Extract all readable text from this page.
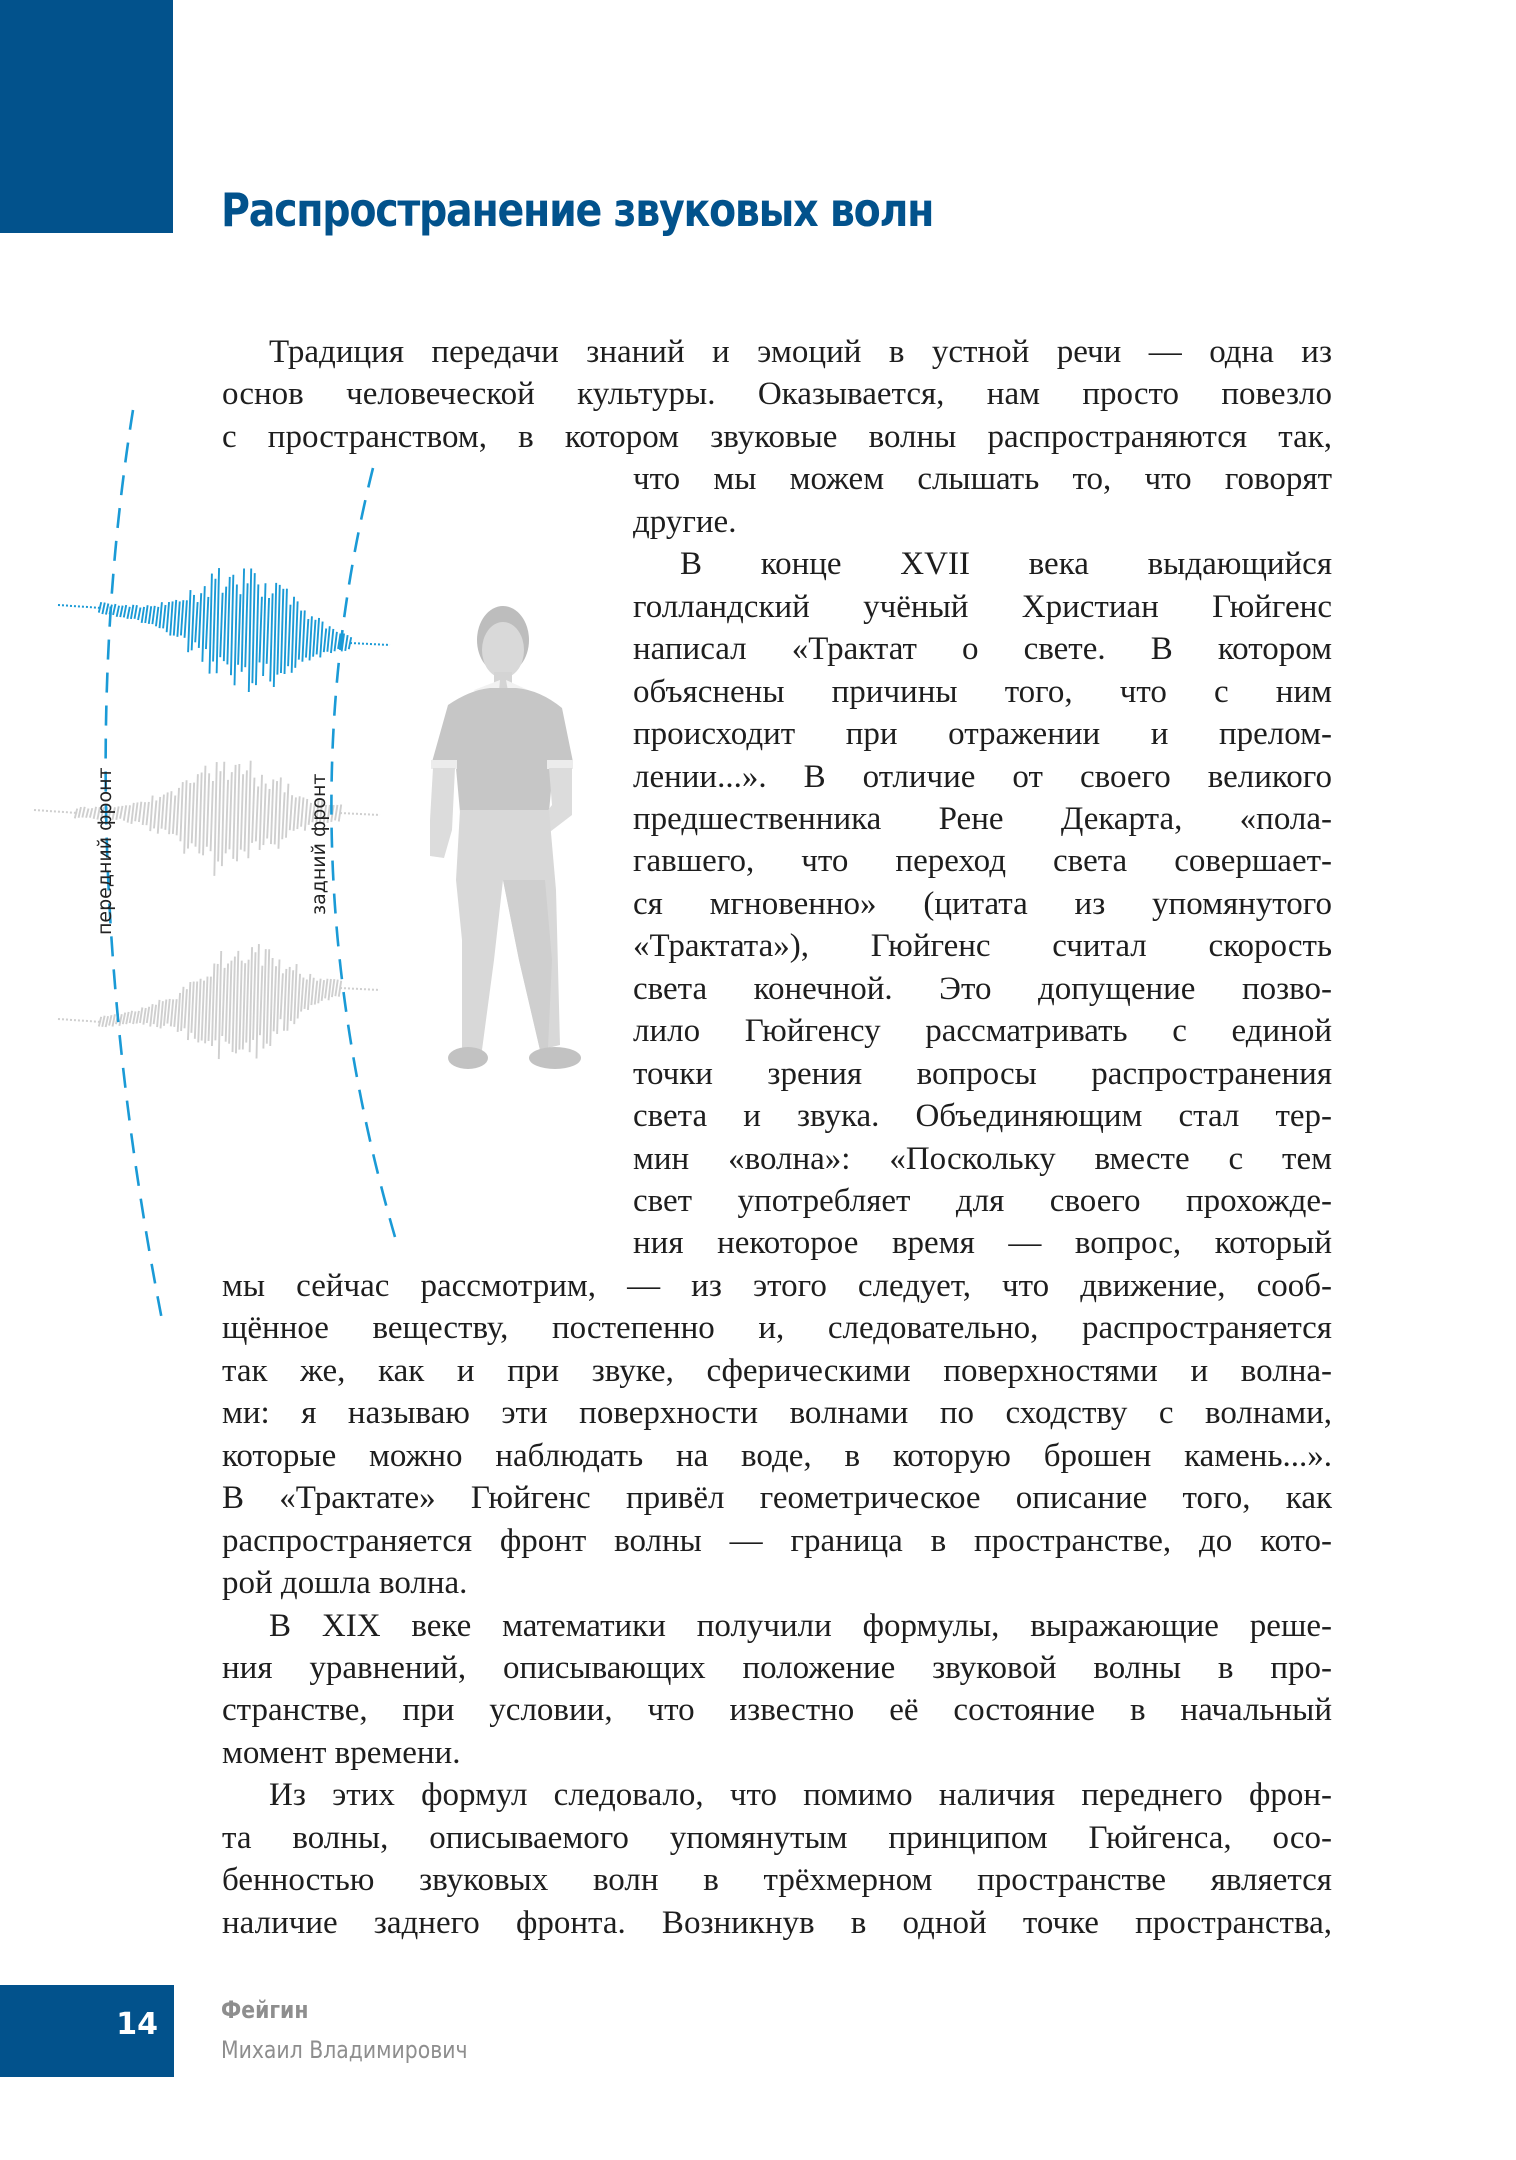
Распространение звуковых волн
Традиция передачи знаний и эмоций в устной речи — одна из
основ человеческой культуры. Оказывается, нам просто повезло
с пространством, в котором звуковые волны распространяются так,
что мы можем слышать то, что говорят
другие.
В конце XVII века выдающийся
голландский учёный Христиан Гюйгенс
написал «Трактат о свете. В котором
объяснены причины того, что с ним
происходит при отражении и прелом-
лении...». В отличие от своего великого
предшественника Рене Декарта, «пола-
гавшего, что переход света совершает-
ся мгновенно» (цитата из упомянутого
«Трактата»), Гюйгенс считал скорость
света конечной. Это допущение позво-
лило Гюйгенсу рассматривать с единой
точки зрения вопросы распространения
света и звука. Объединяющим стал тер-
мин «волна»: «Поскольку вместе с тем
свет употребляет для своего прохожде-
ния некоторое время — вопрос, который
мы сейчас рассмотрим, — из этого следует, что движение, сооб-
щённое веществу, постепенно и, следовательно, распространяется
так же, как и при звуке, сферическими поверхностями и волна-
ми: я называю эти поверхности волнами по сходству с волнами,
которые можно наблюдать на воде, в которую брошен камень...».
В «Трактате» Гюйгенс привёл геометрическое описание того, как
распространяется фронт волны — граница в пространстве, до кото-
рой дошла волна.
В XIX веке математики получили формулы, выражающие реше-
ния уравнений, описывающих положение звуковой волны в про-
странстве, при условии, что известно её состояние в начальный
момент времени.
Из этих формул следовало, что помимо наличия переднего фрон-
та волны, описываемого упомянутым принципом Гюйгенса, осо-
бенностью звуковых волн в трёхмерном пространстве является
наличие заднего фронта. Возникнув в одной точке пространства,
передний фронт	задний фронт
14	Фейгин
Михаил Владимирович
